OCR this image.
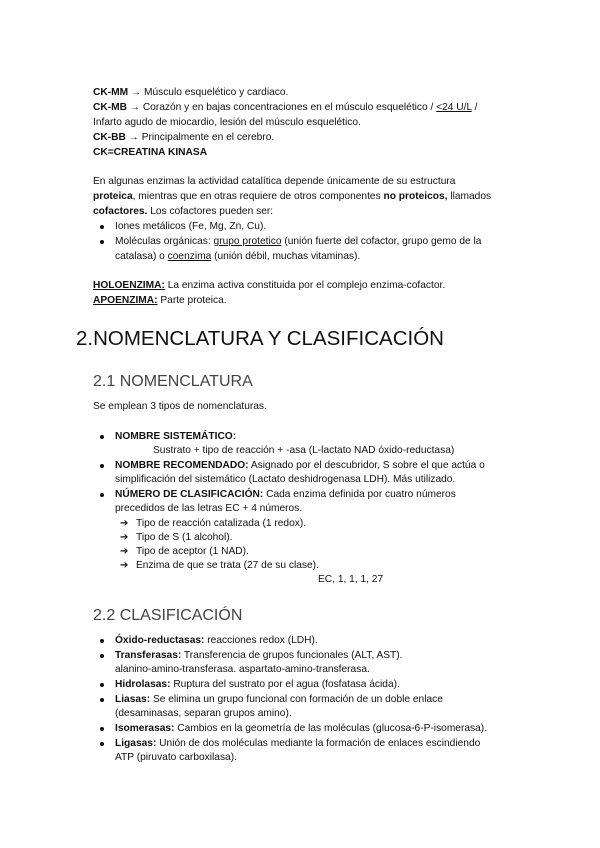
CK-MM → Músculo esquelético y cardiaco.
CK-MB → Corazón y en bajas concentraciones en el músculo esquelético / <24 U/L /
Infarto agudo de miocardio, lesión del músculo esquelético.
CK-BB → Principalmente en el cerebro.
CK=CREATINA KINASA
En algunas enzimas la actividad catalítica depende únicamente de su estructura
proteica, mientras que en otras requiere de otros componentes no proteicos, llamados
cofactores. Los cofactores pueden ser:
Iones metálicos (Fe, Mg, Zn, Cu).
Moléculas orgánicas: grupo protetico (unión fuerte del cofactor, grupo gemo de la
catalasa) o coenzima (unión débil, muchas vitaminas).
HOLOENZIMA: La enzima activa constituida por el complejo enzima-cofactor.
APOENZIMA: Parte proteica.
2.NOMENCLATURA Y CLASIFICACIÓN
2.1 NOMENCLATURA
Se emplean 3 tipos de nomenclaturas.
NOMBRE SISTEMÁTICO:
Sustrato + tipo de reacción + -asa (L-lactato NAD óxido-reductasa)
NOMBRE RECOMENDADO: Asignado por el descubridor, S sobre el que actúa o
simplificación del sistemático (Lactato deshidrogenasa LDH). Más utilizado.
NÚMERO DE CLASIFICACIÓN: Cada enzima definida por cuatro números
precedidos de las letras EC + 4 números.
➔ Tipo de reacción catalizada (1 redox).
➔ Tipo de S (1 alcohol).
➔ Tipo de aceptor (1 NAD).
➔ Enzima de que se trata (27 de su clase).
EC, 1, 1, 1, 27
2.2 CLASIFICACIÓN
Óxido-reductasas: reacciones redox (LDH).
Transferasas: Transferencia de grupos funcionales (ALT, AST).
alanino-amino-transferasa. aspartato-amino-transferasa.
Hidrolasas: Ruptura del sustrato por el agua (fosfatasa ácida).
Liasas: Se elimina un grupo funcional con formación de un doble enlace
(desaminasas, separan grupos amino).
Isomerasas: Cambios en la geometría de las moléculas (glucosa-6-P-isomerasa).
Ligasas: Unión de dos moléculas mediante la formación de enlaces escindiendo
ATP (piruvato carboxilasa).
